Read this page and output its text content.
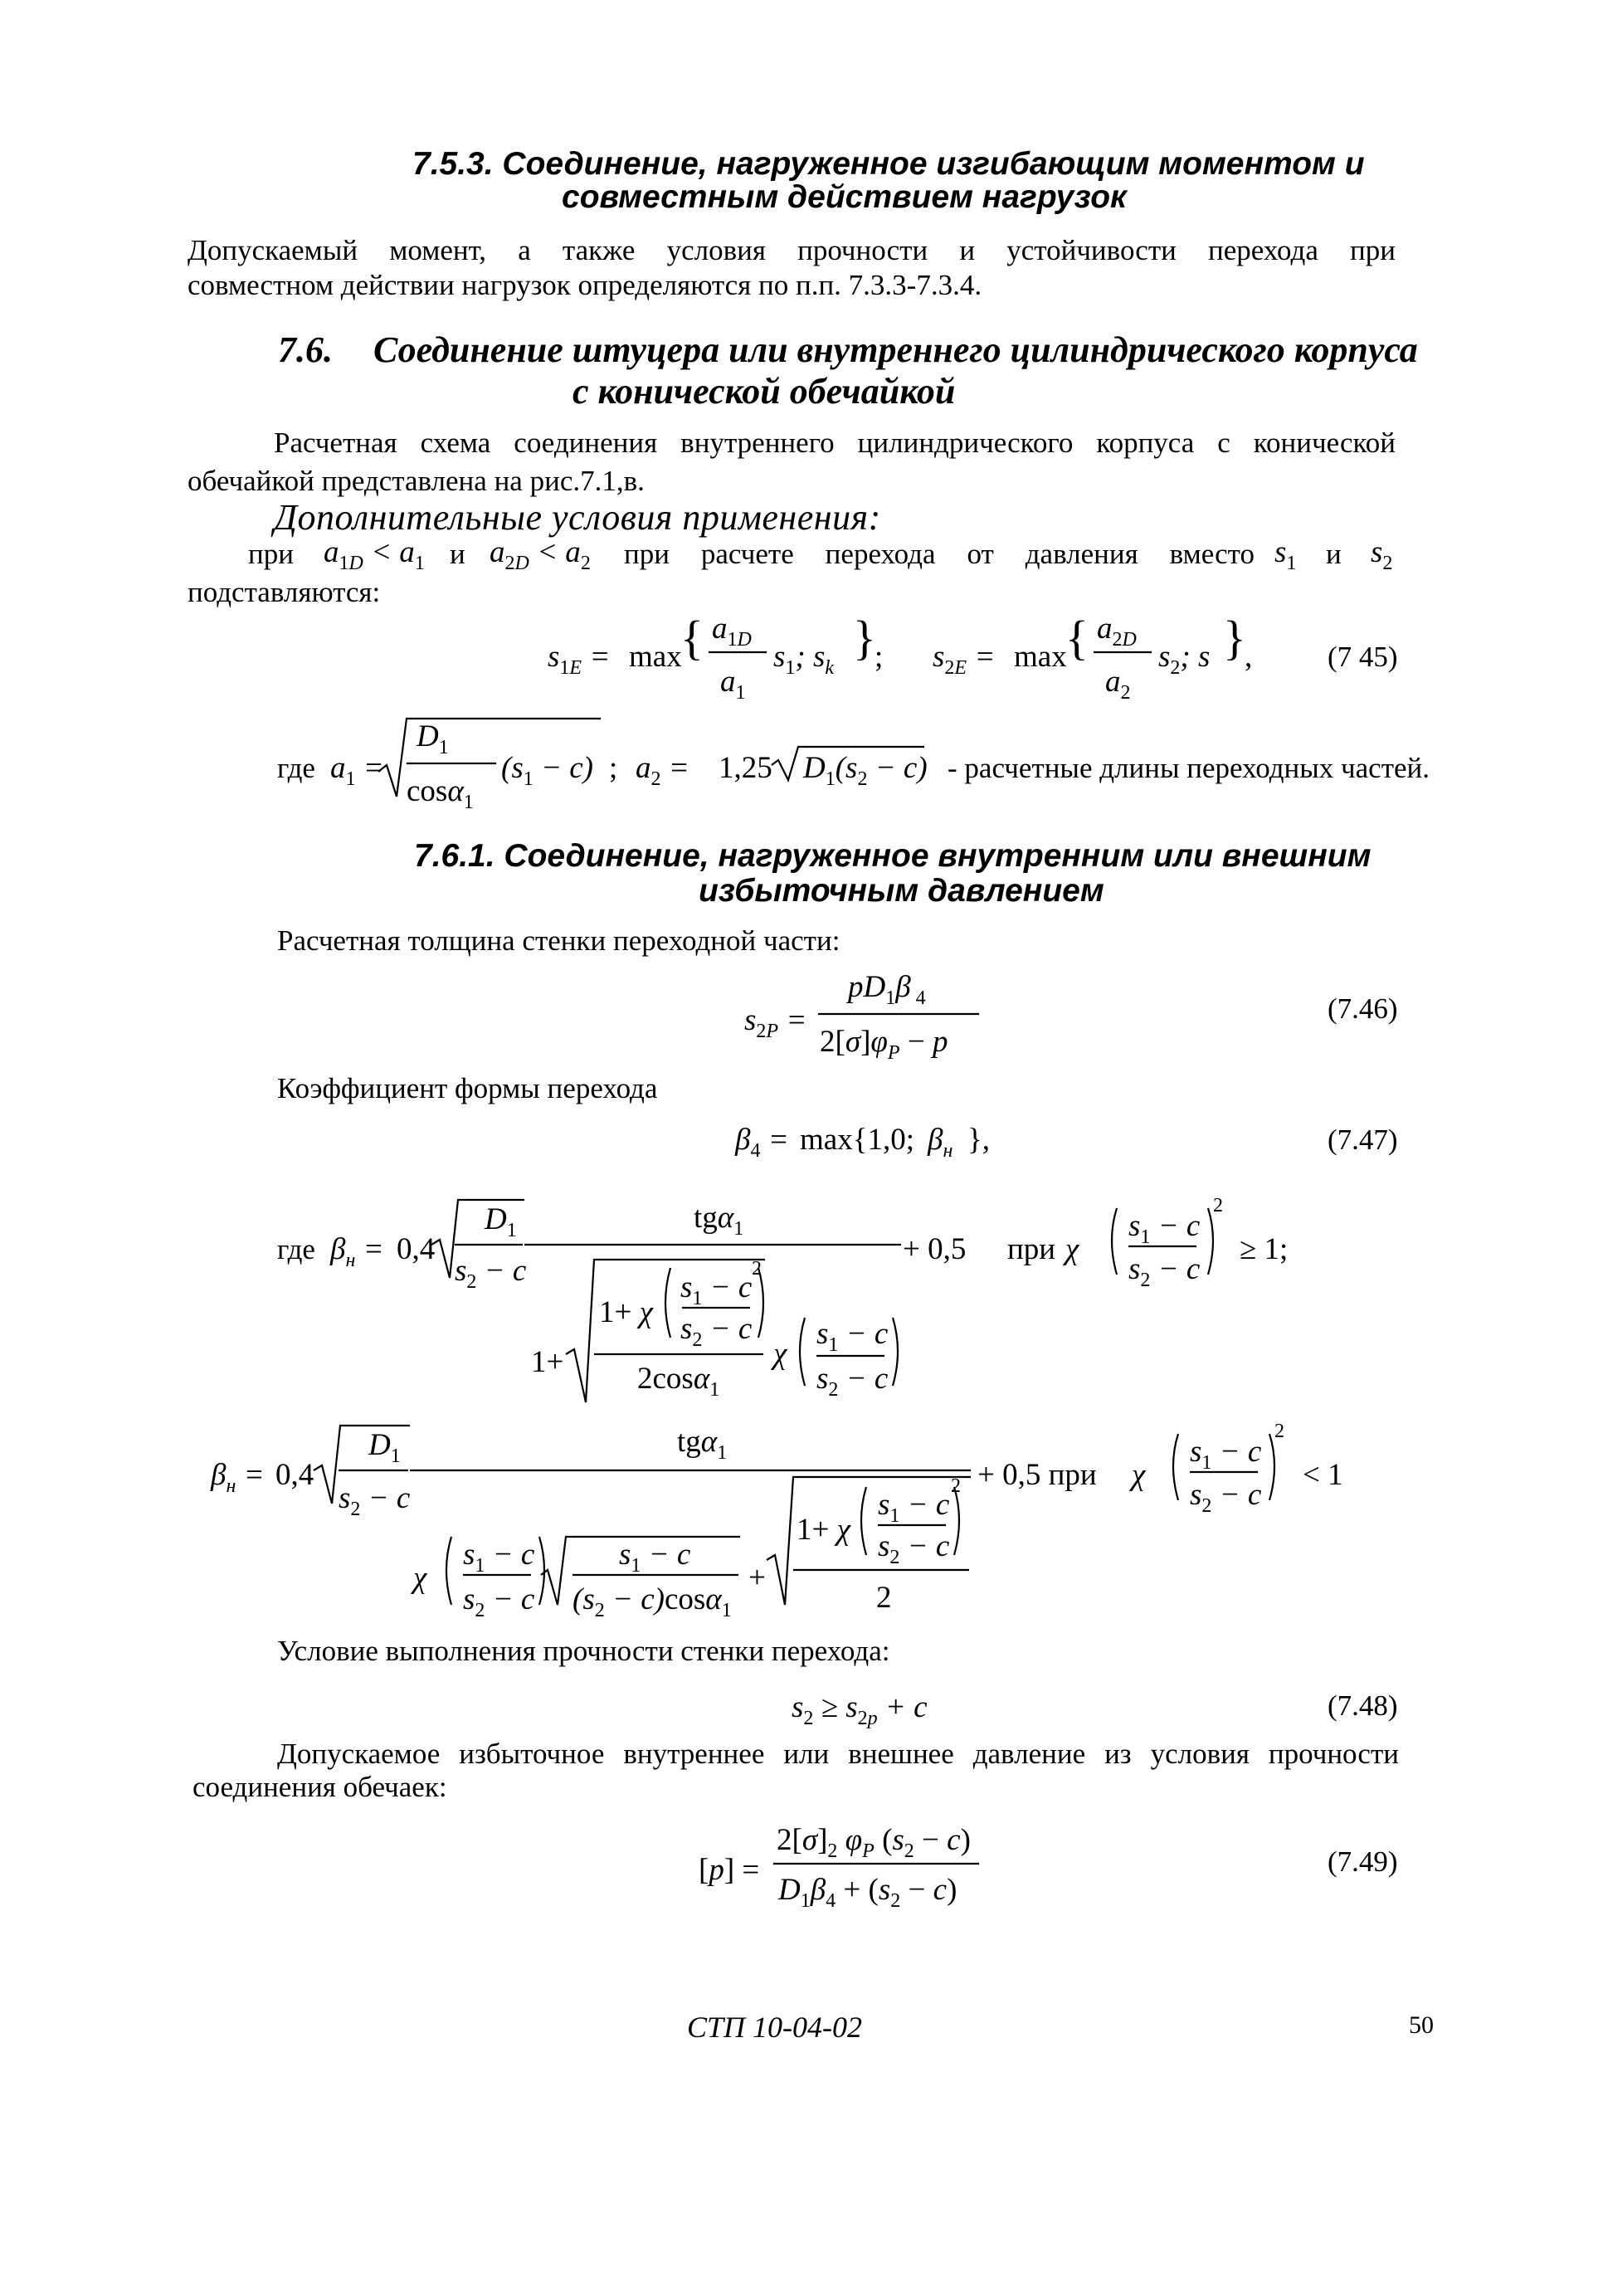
7.5.3. Соединение, нагруженное изгибающим моментом и
совместным действием нагрузок
Допускаемый момент, а также условия прочности и устойчивости перехода при
совместном действии нагрузок определяются по п.п. 7.3.3-7.3.4.
7.6. Соединение штуцера или внутреннего цилиндрического корпуса
с конической обечайкой
Расчетная схема соединения внутреннего цилиндрического корпуса с конической
обечайкой представлена на рис.7.1,в.
Дополнительные условия применения:
при $a_{1D} < a_1$ и $a_{2D} < a_2$ при расчете перехода от давления вместо $s_1$ и $s_2$
подставляются:
$s_{1E} = \max$
{ $a_{1D}$
$a_1$
$s_1$; $s_k$
}
; $s_{2E} = \max$
{ $a_{2D}$
$a_2$
$s_2$; s }
,	(7 45)
где $a_1$ =
$D_1$
cosα$_1$
$(s_1 - c)$ ; $a_2 = 1,25$ $D_1(s_2 - c)$ - расчетные длины переходных частей.
7.6.1. Соединение, нагруженное внутренним или внешним
избыточным давлением
Расчетная толщина стенки переходной части:
$s_{2P}$ =
$pD_1\beta$ $_4$
$2[\sigma]\varphi_P - p$
(7.46)
Коэффициент формы перехода
$\beta_4 = \max\{1,0$; $\beta_н$ },	(7.47)
где $\beta_н = 0,4$
$D_1$
$s_2 - c$
tgα$_1$
+ 0,5
1+
1+ χ
$s_1 - c$
$s_2 - c$
$^2$
2cosα$_1$
χ
$s_1 - c$
$s_2 - c$
при χ
$s_1 - c$
$s_2 - c$
$^2$
≥ 1;
$\beta_н = 0,4$
$D_1$
$s_2 - c$
tgα$_1$
+ 0,5 при
χ
$s_1 - c$
$s_2 - c$
$s_1 - c$
$(s_2 - c)\cos\alpha_1$
+
1+ χ
$s_1 - c$
$s_2 - c$
$^2$
2
χ
$s_1 - c$
$s_2 - c$
$^2$
< 1
Условие выполнения прочности стенки перехода:
$s_2 \ge s_{2p} + c$	(7.48)
Допускаемое избыточное внутреннее или внешнее давление из условия прочности
соединения обечаек:
[p] =
$2[\sigma]_2$ $\varphi_P$ $(s_2 - c)$
$D_1\beta_4 + (s_2 - c)$
(7.49)
СТП 10-04-02	50
